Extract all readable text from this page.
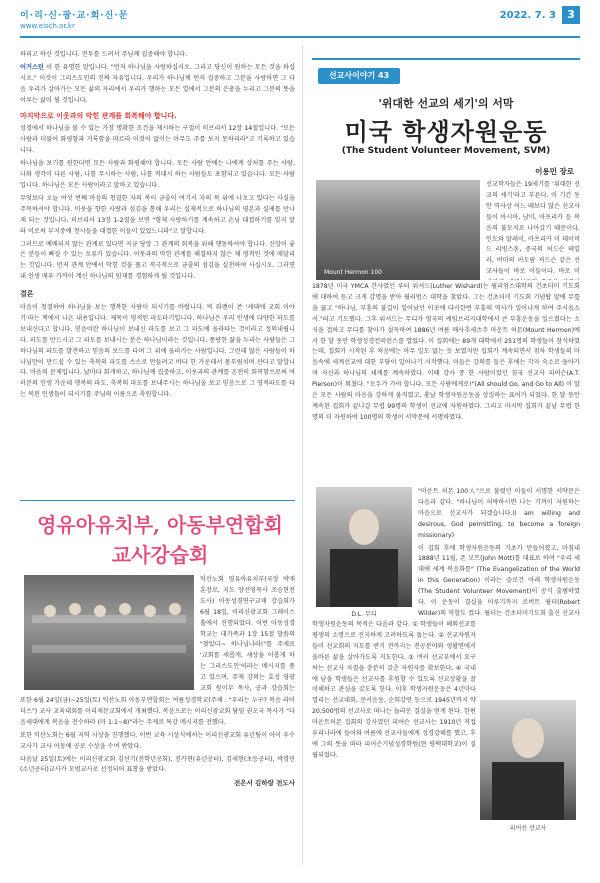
이·리·신·광·교·회·신·문
www.eisch.or.kr
2022. 7. 3	3

하리고 하신 것입니다. 전투를 드려서 주님께 집중해야 합니다.

어거스틴 이 한 유명한 말입니다. "먼저 하나님을 사랑하십시오. 그리고 당신이 원하는 모든 것을 하십시오." 이것이 그리스도인의 진짜 자유입니다. 우리가 하나님께 먼저 집중하고 그분을 사랑하면 그 다음 우리가 살아가는 모든 삶의 자리에서 우리가 행하는 모든 일에서 그분의 은총을 누리고 그분의 뜻을 이루는 삶이 될 것입니다.

마지막으로 이웃과의 막힌 관계를 회복해야 합니다.

성경에서 하나님을 볼 수 있는 가장 명확한 조건을 제시하는 구절이 히브리서 12장 14절입니다. "모든 사람과 더불어 화평함과 거룩함을 따르라 이것이 없이는 아무도 주를 보지 못하리라"고 기록하고 있습니다.

하나님을 보기를 원한다면 모든 사람과 화평해야 합니다. 모든 사람 안에는 나에게 상처를 주는 사람, 나와 생각이 다른 사람, 나를 무시하는 사람, 나를 적대시 하는 사람들도 포함되고 있습니다. 모든 사람입니다. 하나님은 모든 사람이라고 말하고 있습니다.

무엇보다 오늘 여섯 번째 마음의 청결한 자의 복이 금줄이 여기서 자의 복 위에 나오고 있다는 사실을 주목하셔야 합니다. 이웃을 향한 사랑과 섬김을 통해 우리는 실제적으로 하나님의 평온과 실제를 만나게 되는 것입니다. 히브리서 13장 1-2절을 보면 "형제 사랑하기를 계속하고 손님 대접하기를 잊지 말라 이로써 부지중에 천사들을 대접한 이들이 있었느니라"고 말합니다.

그러므로 예배되지 않는 관계로 있다면 지금 당장 그 관계의 회복을 위해 행동하셔야 합니다. 신앙이 좋은 분들이 빠질 수 있는 오류가 있습니다. 이웃과의 막힌 관계를 해결하지 않은 채 영적인 것에 매달리는 것입니다. 먼저 관계 안에서 막힌 것을 풀고 적극적으로 금줄의 섬김을 실천하여 사십시오. 그러면 내 인생 매우 가까이 계신 하나님의 임재를 경험하게 될 것입니다.

결론

마음이 청결하여 하나님을 보는 행복한 사람이 되시기를 바랍니다. 빅 워렌이 쓴 '세대에 교회 이야기'라는 책에서 나온 내용입니다. 제목이 영적인 파도타기입니다. 하나님은 우리 인생에 다양한 파도를 보내신다고 합니다. 믿음이란 하나님이 보내신 파도를 보고 그 파도에 올라타는 것이라고 정의내립니다. 파도를 만드시고 그 파도를 보내시는 분은 하나님이라는 것입니다. 풍랑한 삶을 누리는 사람들은 그 하나님의 파도를 발견하고 믿음의 보드를 타며 그 위에 올라가는 사람입니다. 그런데 많은 사람들이 하나님만이 만드실 수 있는 축복의 파도를 스스로 만들려고 바다 한 가운데서 몸부림치며 산다고 말합니다. 마음의 문제입니다. 날마다 회개하고, 하나님께 집중하고, 이웃과의 관계를 온전히 회복함으로써 여러분의 인생 가운데 행복의 파도, 축복의 파도를 보내주시는 하나님을 보고 믿음으로 그 영적파도를 타는 복된 인생들이 되시기를 주님의 이름으로 축원합니다.

영유아유치부, 아동부연합회 교사강습회

익산노회 영유아유치부(국장 박재훈장로, 지도 양선영목사 조승현전도사) 아동성경연구교재 강습회가 6월 18일, 이리신광교회 그레이스홀에서 진행되었다. 이번 아동성경학교는 대가족과 1장 15절 말씀의 "찾았다~ 하나님나라!"를 주제로 '교회를 새롭게, 세상을 이롭게 하는 그리스도인'이라는 메시지를 품고 있으며, 주제 강의는 효성 영광교회 원이부 목사, 공과 강습회는

또한 6월 24일(금)~25일(토) 익산노회 아동부연합회는 여름성경학교(주제 : "우리는 누구? 복음 라이더스") 교사 교육대회를 이리제문교회에서 개최했다. 복음으로는 이리신광교회 담임 권오국 목사가 "다음세대에게 복음을 전수하라 (마 1:1~8)"라는 주제로 특강 메시지를 전했다.

또한 익산노회는 6월 지역 시상을 진행했다. 이번 교육 시상식에서는 이리신광교회 유년팀이 아이 우수 교사가 교사 아동에 공로 수상을 수여 받았다.

다음날 25일(토)에는 이리신광교회 김선기(전학년공회), 진가현(유년공터), 김세현(초등공터), 박경민(소년공터)교사가 모범교사로 선정되어 표창을 받았다.

전은서 김하랑 전도사
선교사이야기 43
'위대한 선교의 세기'의 서막
미국 학생자원운동
(The Student Volunteer Movement, SVM)
이용민 장로
Mount Hermon 100

선교학자들은 19세기를 '위대한 선교의 세기'라고 부른다. 이 기간 동안 역사상 어느 때보다 많은 선교사들이 아시아, 남미, 아프리카 등 복음의 불모지로 나아갔기 때문이다. 인도와 말레이, 아프리카 미 데이비드 리빙스톤, 중국의 허드슨 테일러, 버마의 아도람 저드슨 같은 선교사들이 바로 이들이다. 바로 이

1878년 미국 YMCA 간사였던 루터 위셔드(Luther Wishard)는 윌리엄스대학의 건초더미 기도회에 대하여 듣고 크게 감명을 받아 윌리엄스 대학을 찾았다. 그는 건초더미 기도회 기념탑 앞에 무릎을 꿇고 "하나님, 부흥의 불길이 일어났던 이곳에 다시한번 부흥의 역사가 일어나게 하여 주시옵소서."라고 기도했다. 그후 위셔드는 무디가 영국의 케임브리지대학에서 큰 부흥운동을 일으켰다는 소식을 접하고 무디를 찾아가 설득하여 1886년 여름 매사추세츠주 마운트 허몬(Mount Hermon)에서 한 달 동안 학생성경컨퍼런스를 열었다. 이 집회에는 89개 대학에서 251명의 학생들이 참석하였는데, 집회가 시작된 후 처음에는 아무 일도 없는 듯 보였지만 집회가 계속되면서 점차 학생들의 마음속에 세계선교에 대한 부담이 일어나기 시작했다. 이들은 강의를 들은 후에는 각자 숙소로 돌아가며 자신과 하나님의 세계를 계속하였다. 이때 강사 중 한 사람이었던 침국 선교사 피어슨(A.T. Pierson)이 외쳤다. "모두가 가야 합니다. 모든 사람에게로!"(All should Go, and Go to All) 이 말은 모든 사람의 마음을 강하게 움직였고, 훗날 학생자원운동을 상징하는 표어가 되었다. 한 달 동안 계속된 집회가 끝나갈 무렵 99명의 학생이 선교에 자원하였다. 그리고 마지막 집회가 끝날 무렵 한 명의 더 자원하여 100명의 학생이 서약문에 서명하였다.

D.L. 무디

"마운트 허몬 100人"으로 불렸던 이들이 서명한 서약문은 다음과 같다. "하나님이 허락하시면 나는 기꺼이 자원하는 마음으로 선교사가 되겠습니다.(I am willing and desirous, God permitting, to become a foreign missionary)

이 집회 후에 학생자원운동의 기초가 만들어졌고, 마침내 1888년 11월, 존 모트(John Mott)를 대표로 하여 "우리 세대에 세계 복음화를" (The Evangelization of the World in this Generation) 이라는 슬로건 아래 학생자원운동 (The Student Volunteer Movement)이 공식 출범하였다. 이 운동이 결실을 이루기까지 로버트 윌더(Robert Wilder)의 역할도 컸다. 윌더는 건초더미기도회 출신 선교사

학생자원운동의 목적은 다음과 같다. ① 학생들이 해외선교를 평생의 소명으로 진지하게 고려하도록 돕는다. ② 선교자원자들이 선교회의 지도를 받기 전까지는 전공분야와 생활면에서 올바른 삶을 살아가도록 지도한다. ③ 여러 선교부에서 요구하는 선교사 자질을 충분히 갖춘 자원자를 확보한다. ④ 국내에 남을 학생들은 선교사를 후원할 수 있도록 선교상황을 잘 이해하고 관심을 갖도록 한다. 이후 학생자원운동은 4년마다 열리는 선교대회, 문서운동, 순회강연 등으로 1945년까지 약 20,500명의 선교사로 떠나는 놀라운 결실을 얻게 된다. 한편 마운트허몬 집회의 강사였던 피어슨 선교사는 1910년 직접 우리나라에 들어와 여름에 선교사들에게 성경강해를 했고, 후에 그의 뜻을 따라 피어슨기념성경학원(현 평택대학교)이 설립되었다.

피어선 선교사
